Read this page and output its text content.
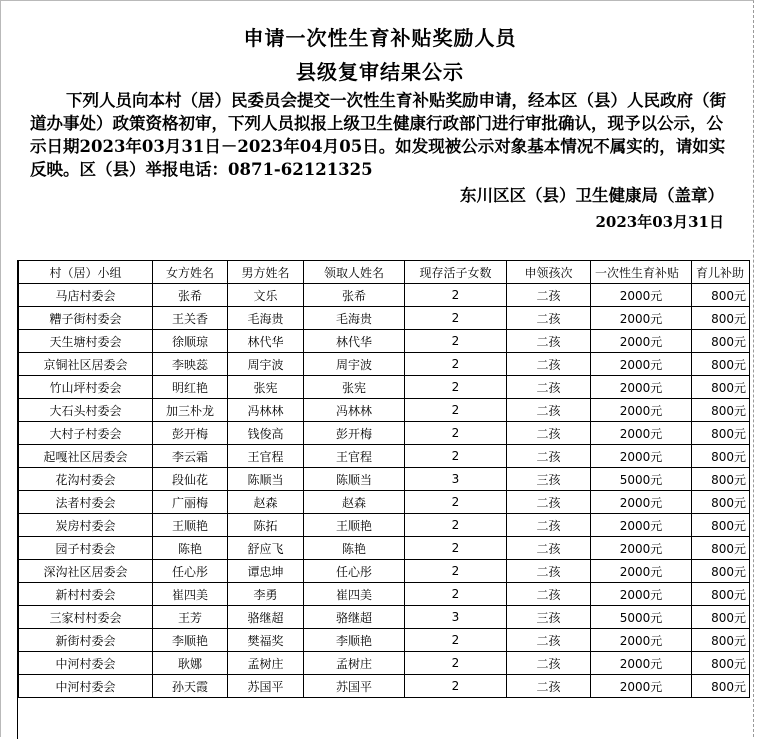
申请一次性生育补贴奖励人员
县级复审结果公示
下列人员向本村（居）民委员会提交一次性生育补贴奖励申请，经本区（县）人民政府（街道办事处）政策资格初审，下列人员拟报上级卫生健康行政部门进行审批确认，现予以公示，公示日期2023年03月31日－2023年04月05日。如发现被公示对象基本情况不属实的，请如实反映。区（县）举报电话：0871-62121325
东川区区（县）卫生健康局（盖章）
2023年03月31日
村（居）小组	女方姓名	男方姓名	领取人姓名	现存活子女数	申领孩次	一次性生育补贴	育儿补助
马店村委会	张希	文乐	张希	2	二孩	2000元	800元
糟子街村委会	王关香	毛海贵	毛海贵	2	二孩	2000元	800元
天生塘村委会	徐顺琼	林代华	林代华	2	二孩	2000元	800元
京铜社区居委会	李映蕊	周宇波	周宇波	2	二孩	2000元	800元
竹山坪村委会	明红艳	张宪	张宪	2	二孩	2000元	800元
大石头村委会	加三朴龙	冯林林	冯林林	2	二孩	2000元	800元
大村子村委会	彭开梅	钱俊高	彭开梅	2	二孩	2000元	800元
起嘎社区居委会	李云霜	王官程	王官程	2	二孩	2000元	800元
花沟村委会	段仙花	陈顺当	陈顺当	3	三孩	5000元	800元
法者村委会	广丽梅	赵森	赵森	2	二孩	2000元	800元
炭房村委会	王顺艳	陈拓	王顺艳	2	二孩	2000元	800元
园子村委会	陈艳	舒应飞	陈艳	2	二孩	2000元	800元
深沟社区居委会	任心彤	谭忠坤	任心彤	2	二孩	2000元	800元
新村村委会	崔四美	李勇	崔四美	2	二孩	2000元	800元
三家村村委会	王芳	骆继超	骆继超	3	三孩	5000元	800元
新街村委会	李顺艳	樊福奖	李顺艳	2	二孩	2000元	800元
中河村委会	耿娜	孟树庄	孟树庄	2	二孩	2000元	800元
中河村委会	孙天霞	苏国平	苏国平	2	二孩	2000元	800元
